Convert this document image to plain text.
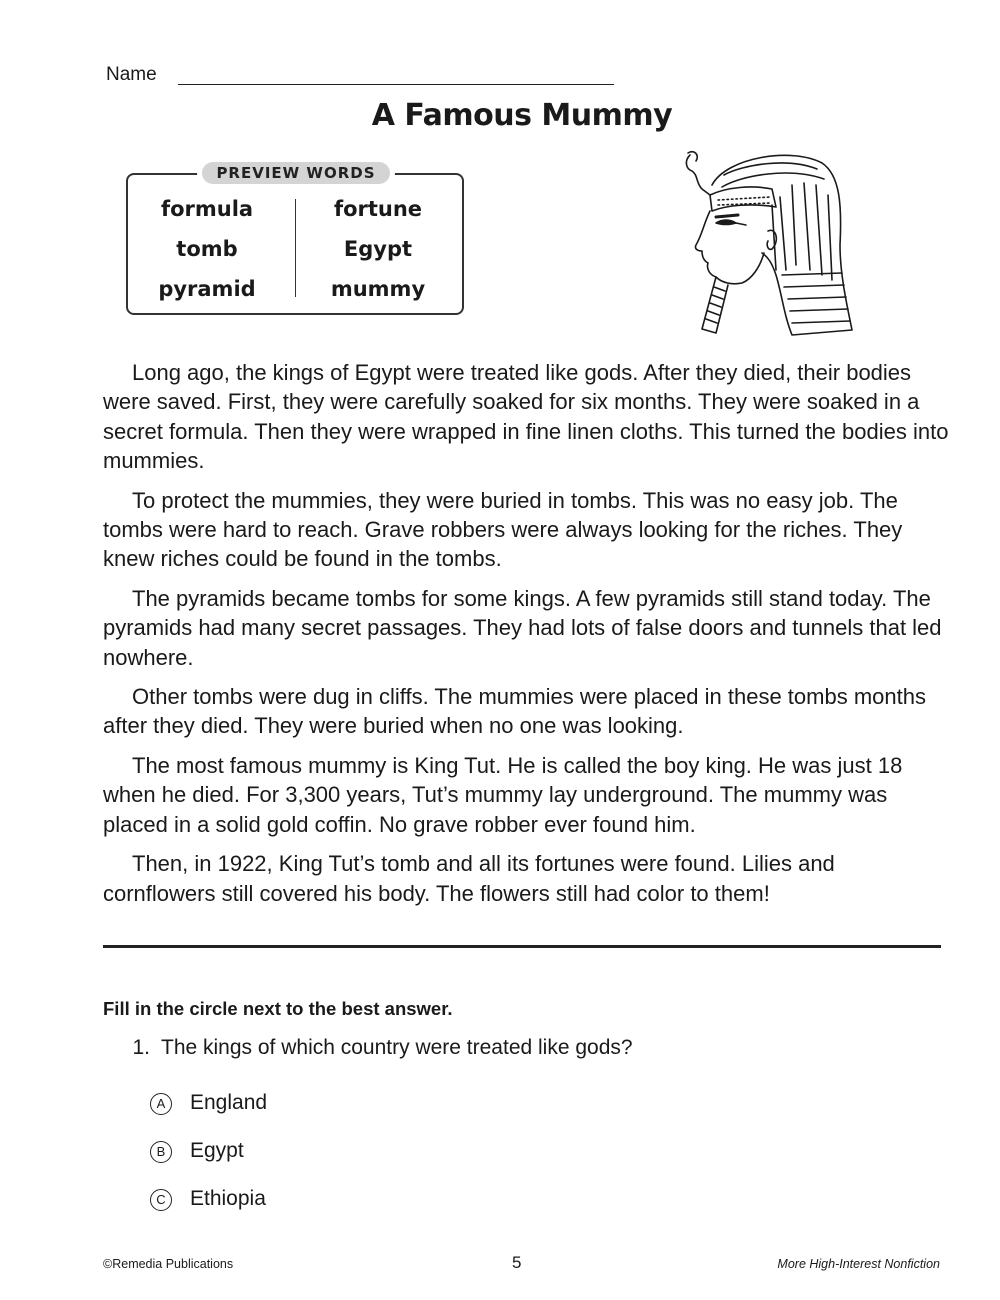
Name
A Famous Mummy
PREVIEW WORDS
formula
tomb
pyramid
fortune
Egypt
mummy

Long ago, the kings of Egypt were treated like gods. After they died, their bodies were saved. First, they were carefully soaked for six months. They were soaked in a secret formula. Then they were wrapped in fine linen cloths. This turned the bodies into mummies.

To protect the mummies, they were buried in tombs. This was no easy job. The tombs were hard to reach. Grave robbers were always looking for the riches. They knew riches could be found in the tombs.

The pyramids became tombs for some kings. A few pyramids still stand today. The pyramids had many secret passages. They had lots of false doors and tunnels that led nowhere.

Other tombs were dug in cliffs. The mummies were placed in these tombs months after they died. They were buried when no one was looking.

The most famous mummy is King Tut. He is called the boy king. He was just 18 when he died. For 3,300 years, Tut’s mummy lay underground. The mummy was placed in a solid gold coffin. No grave robber ever found him.

Then, in 1922, King Tut’s tomb and all its fortunes were found. Lilies and cornflowers still covered his body. The flowers still had color to them!

Fill in the circle next to the best answer.
1. The kings of which country were treated like gods?
A England
B Egypt
C Ethiopia
©Remedia Publications	5	More High-Interest Nonfiction
